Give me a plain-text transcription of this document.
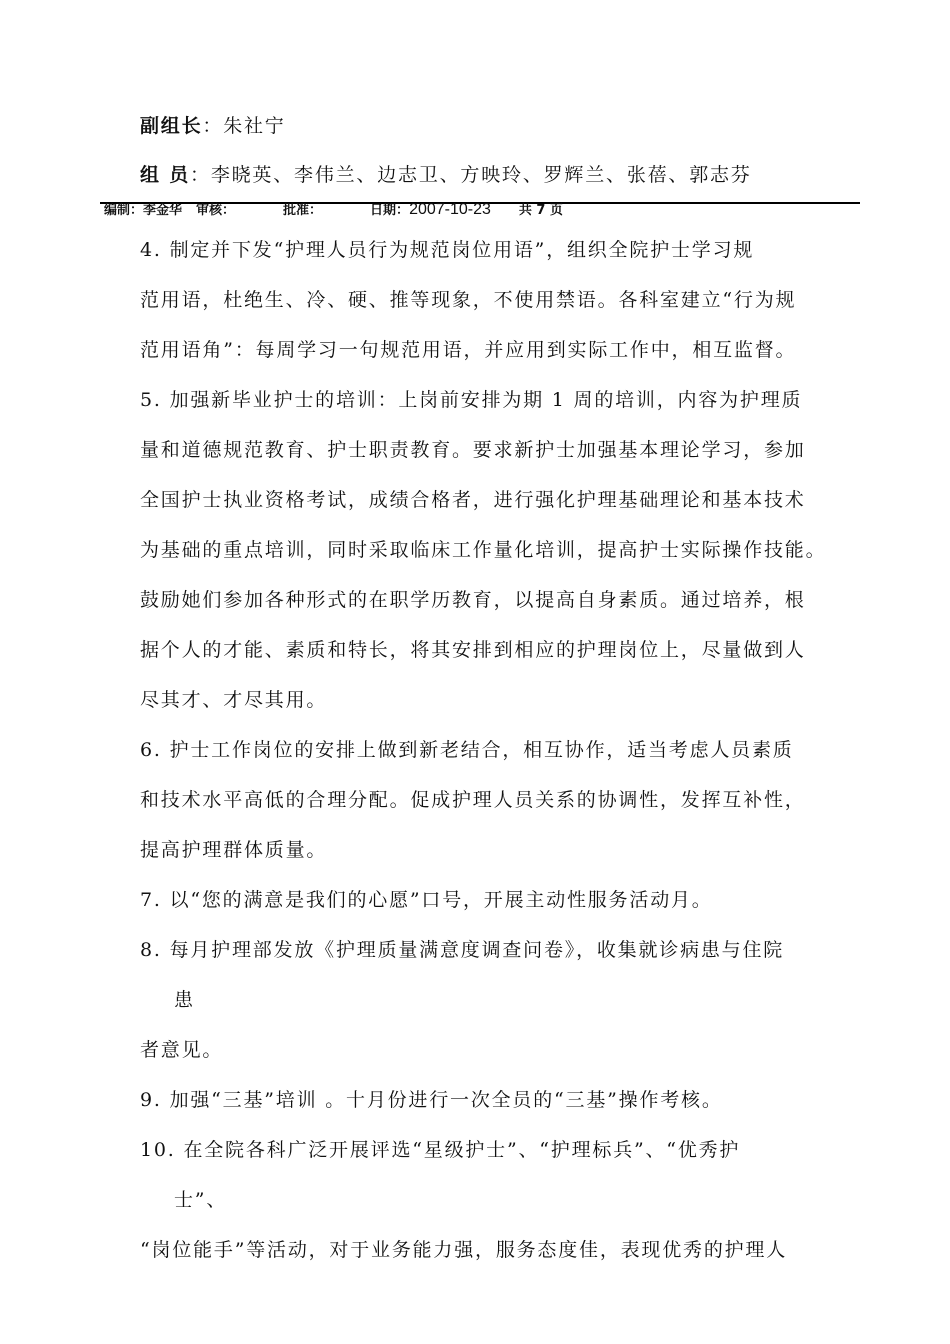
副组长：朱社宁
组 员：李晓英、李伟兰、边志卫、方映玲、罗辉兰、张蓓、郭志芬
编制：李金华 审核：	批准：	日期：2007-10-23 共 7 页
4. 制定并下发“护理人员行为规范岗位用语”，组织全院护士学习规
范用语，杜绝生、冷、硬、推等现象，不使用禁语。各科室建立“行为规
范用语角”：每周学习一句规范用语，并应用到实际工作中，相互监督。
5. 加强新毕业护士的培训：上岗前安排为期 1 周的培训，内容为护理质
量和道德规范教育、护士职责教育。要求新护士加强基本理论学习，参加
全国护士执业资格考试，成绩合格者，进行强化护理基础理论和基本技术
为基础的重点培训，同时采取临床工作量化培训，提高护士实际操作技能。
鼓励她们参加各种形式的在职学历教育，以提高自身素质。通过培养，根
据个人的才能、素质和特长，将其安排到相应的护理岗位上，尽量做到人
尽其才、才尽其用。
6. 护士工作岗位的安排上做到新老结合，相互协作，适当考虑人员素质
和技术水平高低的合理分配。促成护理人员关系的协调性，发挥互补性，
提高护理群体质量。
7. 以“您的满意是我们的心愿”口号，开展主动性服务活动月。
8. 每月护理部发放《护理质量满意度调查问卷》，收集就诊病患与住院
患
者意见。
9. 加强“三基”培训 。十月份进行一次全员的“三基”操作考核。
10. 在全院各科广泛开展评选“星级护士”、“护理标兵”、“优秀护
士”、
“岗位能手”等活动，对于业务能力强，服务态度佳，表现优秀的护理人
